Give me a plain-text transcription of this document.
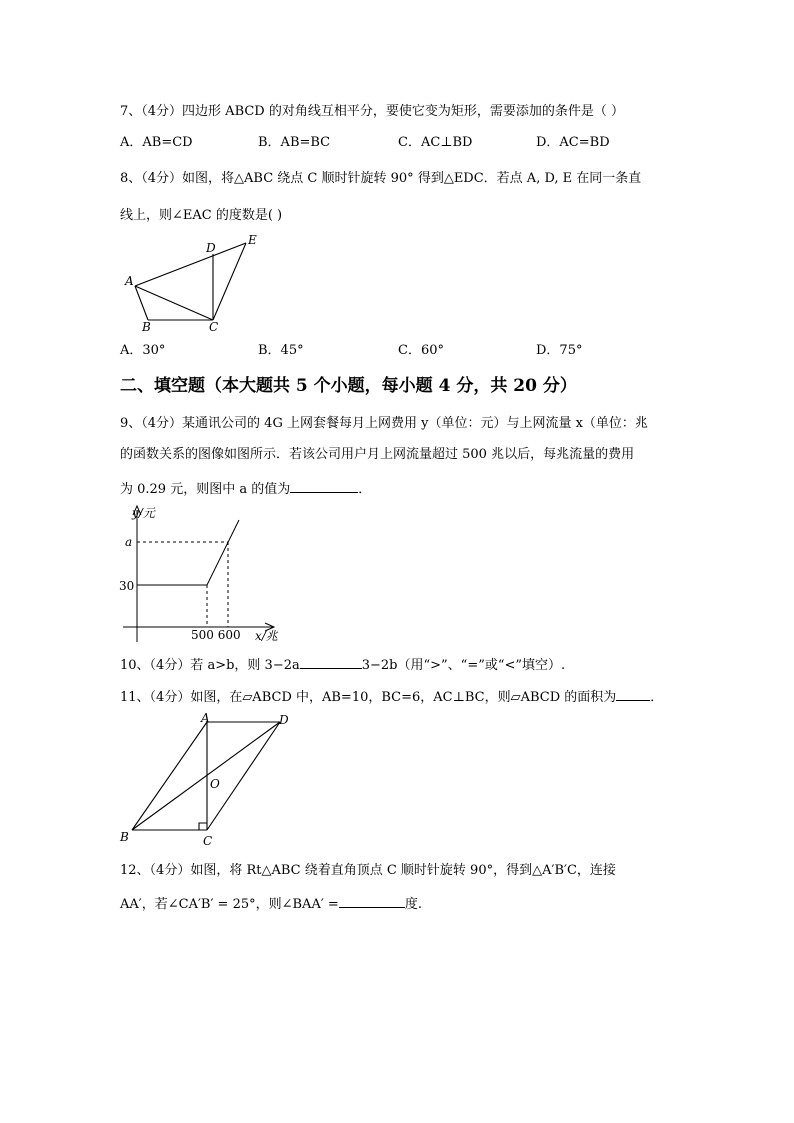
7、（4分）四边形 ABCD 的对角线互相平分，要使它变为矩形，需要添加的条件是（ ）
A．AB=CD	B．AB=BC	C．AC⊥BD	D．AC=BD
8、（4分）如图，将△ABC 绕点 C 顺时针旋转 90° 得到△EDC．若点 A, D, E 在同一条直
线上，则∠EAC 的度数是( )
A
B	C
D
E
A．30°	B．45°	C．60°	D．75°
二、填空题（本大题共 5 个小题，每小题 4 分，共 20 分）
9、（4分）某通讯公司的 4G 上网套餐每月上网费用 y（单位：元）与上网流量 x（单位：兆
的函数关系的图像如图所示．若该公司用户月上网流量超过 500 兆以后，每兆流量的费用
为 0.29 元，则图中 a 的值为	．
y/元
a
30
500 600 x/兆
10、（4分）若 a>b，则 3−2a	3−2b（用“>”、“=”或“<”填空）.
11、（4分）如图，在▱ABCD 中，AB=10，BC=6，AC⊥BC，则▱ABCD 的面积为	．
A	D
O
B	C
12、（4分）如图，将 Rt△ABC 绕着直角顶点 C 顺时针旋转 90°，得到△A′B′C，连接
AA′，若∠CA′B′ = 25°，则∠BAA′ =	度.
